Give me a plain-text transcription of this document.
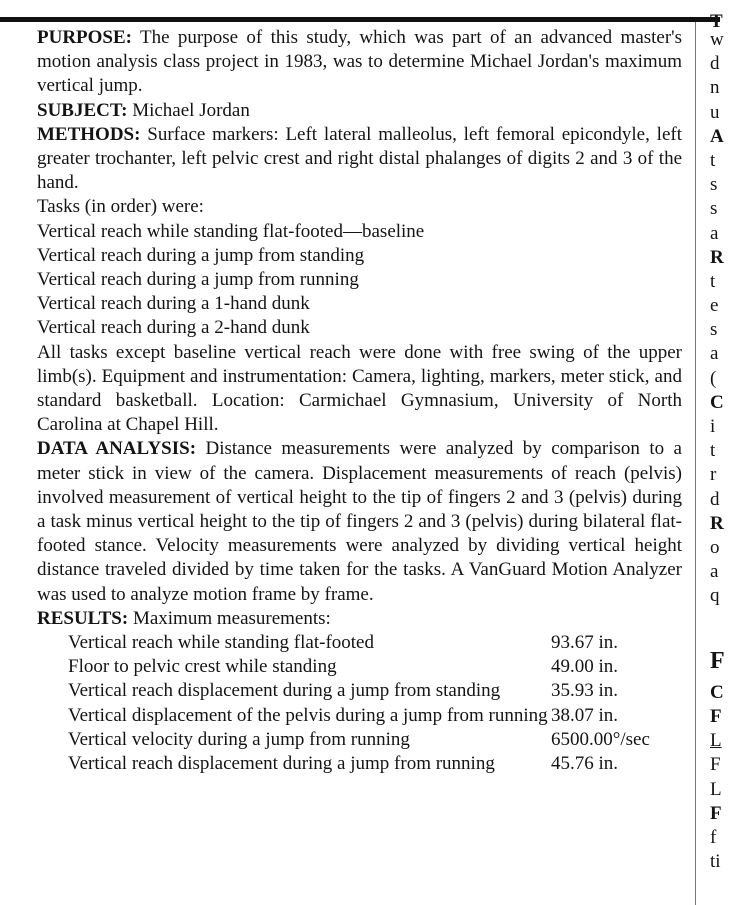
PURPOSE: The purpose of this study, which was part of an advanced master's motion analysis class project in 1983, was to determine Michael Jordan's maximum vertical jump.

SUBJECT: Michael Jordan

METHODS: Surface markers: Left lateral malleolus, left femoral epicondyle, left greater trochanter, left pelvic crest and right distal phalanges of digits 2 and 3 of the hand.

Tasks (in order) were:

Vertical reach while standing flat-footed—baseline

Vertical reach during a jump from standing

Vertical reach during a jump from running

Vertical reach during a 1-hand dunk

Vertical reach during a 2-hand dunk

All tasks except baseline vertical reach were done with free swing of the upper limb(s). Equipment and instrumentation: Camera, lighting, markers, meter stick, and standard basketball. Location: Carmichael Gymnasium, University of North Carolina at Chapel Hill.

DATA ANALYSIS: Distance measurements were analyzed by comparison to a meter stick in view of the camera. Displacement measurements of reach (pelvis) involved measurement of vertical height to the tip of fingers 2 and 3 (pelvis) during a task minus vertical height to the tip of fingers 2 and 3 (pelvis) during bilateral flat-footed stance. Velocity measurements were analyzed by dividing vertical height distance traveled divided by time taken for the tasks. A VanGuard Motion Analyzer was used to analyze motion frame by frame.

RESULTS: Maximum measurements:

Vertical reach while standing flat-footed	93.67 in.
Floor to pelvic crest while standing	49.00 in.
Vertical reach displacement during a jump from standing	35.93 in.
Vertical displacement of the pelvis during a jump from running 38.07 in.
Vertical velocity during a jump from running	6500.00°/sec
Vertical reach displacement during a jump from running	45.76 in.
T
w
d
n
u
A
t
s
s
a
R
t
e
s
a
(
C
i
t
r
d
R
o
a
q
F
C
F
L
F
L
F
f
ti
